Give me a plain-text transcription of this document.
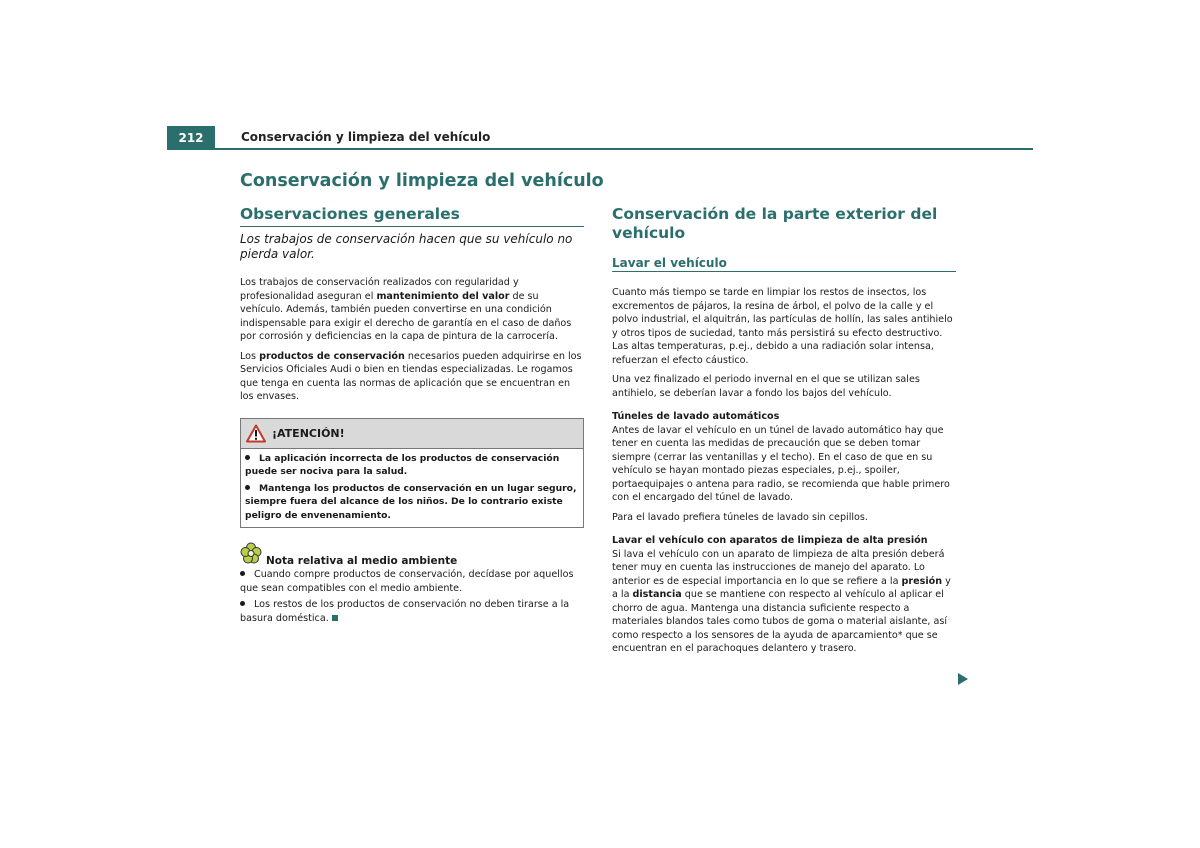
212	Conservación y limpieza del vehículo
Conservación y limpieza del vehículo
Observaciones generales

Los trabajos de conservación hacen que su vehículo no pierda valor.

Los trabajos de conservación realizados con regularidad y profesionalidad aseguran el mantenimiento del valor de su vehículo. Además, también pueden convertirse en una condición indispensable para exigir el derecho de garantía en el caso de daños por corrosión y deficiencias en la capa de pintura de la carrocería.

Los productos de conservación necesarios pueden adquirirse en los Servicios Oficiales Audi o bien en tiendas especializadas. Le rogamos que tenga en cuenta las normas de aplicación que se encuentran en los envases.

¡ATENCIÓN!

La aplicación incorrecta de los productos de conservación puede ser nociva para la salud.

Mantenga los productos de conservación en un lugar seguro, siempre fuera del alcance de los niños. De lo contrario existe peligro de envenenamiento.

Nota relativa al medio ambiente

Cuando compre productos de conservación, decídase por aquellos que sean compatibles con el medio ambiente.

Los restos de los productos de conservación no deben tirarse a la basura doméstica.

Conservación de la parte exterior del vehículo
Lavar el vehículo

Cuanto más tiempo se tarde en limpiar los restos de insectos, los excrementos de pájaros, la resina de árbol, el polvo de la calle y el polvo industrial, el alquitrán, las partículas de hollín, las sales antihielo y otros tipos de suciedad, tanto más persistirá su efecto destructivo. Las altas temperaturas, p.ej., debido a una radiación solar intensa, refuerzan el efecto cáustico.

Una vez finalizado el periodo invernal en el que se utilizan sales antihielo, se deberían lavar a fondo los bajos del vehículo.

Túneles de lavado automáticos

Antes de lavar el vehículo en un túnel de lavado automático hay que tener en cuenta las medidas de precaución que se deben tomar siempre (cerrar las ventanillas y el techo). En el caso de que en su vehículo se hayan montado piezas especiales, p.ej., spoiler, portaequipajes o antena para radio, se recomienda que hable primero con el encargado del túnel de lavado.

Para el lavado prefiera túneles de lavado sin cepillos.

Lavar el vehículo con aparatos de limpieza de alta presión

Si lava el vehículo con un aparato de limpieza de alta presión deberá tener muy en cuenta las instrucciones de manejo del aparato. Lo anterior es de especial importancia en lo que se refiere a la presión y a la distancia que se mantiene con respecto al vehículo al aplicar el chorro de agua. Mantenga una distancia suficiente respecto a materiales blandos tales como tubos de goma o material aislante, así como respecto a los sensores de la ayuda de aparcamiento* que se encuentran en el parachoques delantero y trasero.
